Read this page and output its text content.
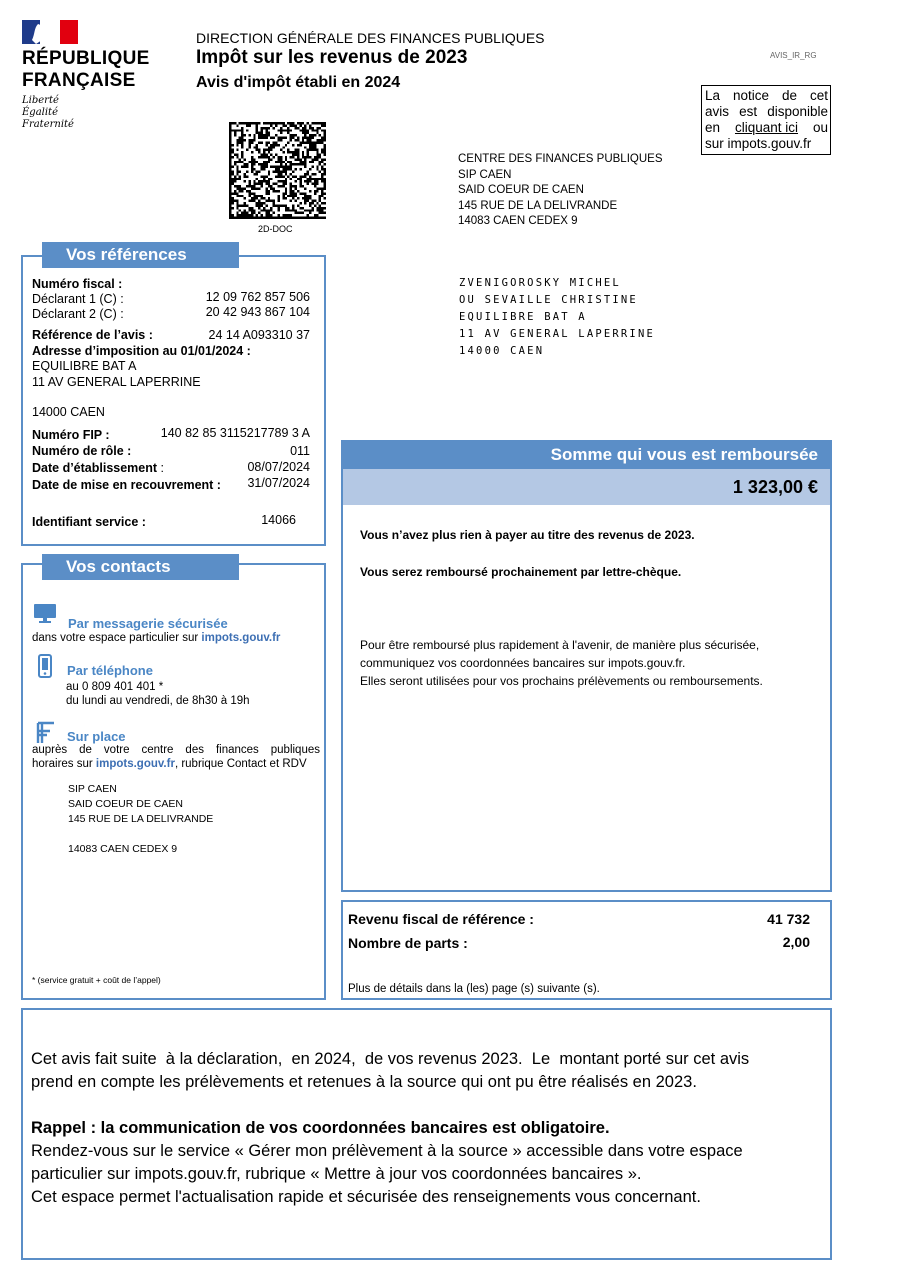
RÉPUBLIQUE
FRANÇAISE
Liberté
Égalité
Fraternité
DIRECTION GÉNÉRALE DES FINANCES PUBLIQUES
Impôt sur les revenus de 2023
Avis d'impôt établi en 2024
AVIS_IR_RG
La notice de cet
avis est disponible
en cliquant ici ou
sur impots.gouv.fr
2D-DOC
CENTRE DES FINANCES PUBLIQUES
SIP CAEN
SAID COEUR DE CAEN
145 RUE DE LA DELIVRANDE
14083 CAEN CEDEX 9
ZVENIGOROSKY MICHEL
OU SEVAILLE CHRISTINE
EQUILIBRE BAT A
11 AV GENERAL LAPERRINE
14000 CAEN
Vos références
Numéro fiscal :
Déclarant 1 (C) :	12 09 762 857 506
Déclarant 2 (C) :	20 42 943 867 104
Référence de l’avis :	24 14 A093310 37
Adresse d’imposition au 01/01/2024 :
EQUILIBRE BAT A
11 AV GENERAL LAPERRINE
14000 CAEN
Numéro FIP :	140 82 85 3115217789 3 A
Numéro de rôle :	011
Date d’établissement :	08/07/2024
Date de mise en recouvrement : 31/07/2024
Identifiant service :	14066
Vos contacts
Par messagerie sécurisée
dans votre espace particulier sur impots.gouv.fr
Par téléphone
au 0 809 401 401 *
du lundi au vendredi, de 8h30 à 19h
Sur place
auprès de votre centre des finances publiques
horaires sur impots.gouv.fr, rubrique Contact et RDV
SIP CAEN
SAID COEUR DE CAEN
145 RUE DE LA DELIVRANDE
14083 CAEN CEDEX 9
* (service gratuit + coût de l’appel)
Somme qui vous est remboursée
1 323,00 €
Vous n’avez plus rien à payer au titre des revenus de 2023.
Vous serez remboursé prochainement par lettre-chèque.
Pour être remboursé plus rapidement à l'avenir, de manière plus sécurisée,
communiquez vos coordonnées bancaires sur impots.gouv.fr.
Elles seront utilisées pour vos prochains prélèvements ou remboursements.
Revenu fiscal de référence :	41 732
Nombre de parts :	2,00
Plus de détails dans la (les) page (s) suivante (s).
Cet avis fait suite  à la déclaration,  en 2024,  de vos revenus 2023.  Le  montant porté sur cet avis
prend en compte les prélèvements et retenues à la source qui ont pu être réalisés en 2023.
Rappel : la communication de vos coordonnées bancaires est obligatoire.
Rendez-vous sur le service « Gérer mon prélèvement à la source » accessible dans votre espace
particulier sur impots.gouv.fr, rubrique « Mettre à jour vos coordonnées bancaires ».
Cet espace permet l'actualisation rapide et sécurisée des renseignements vous concernant.
